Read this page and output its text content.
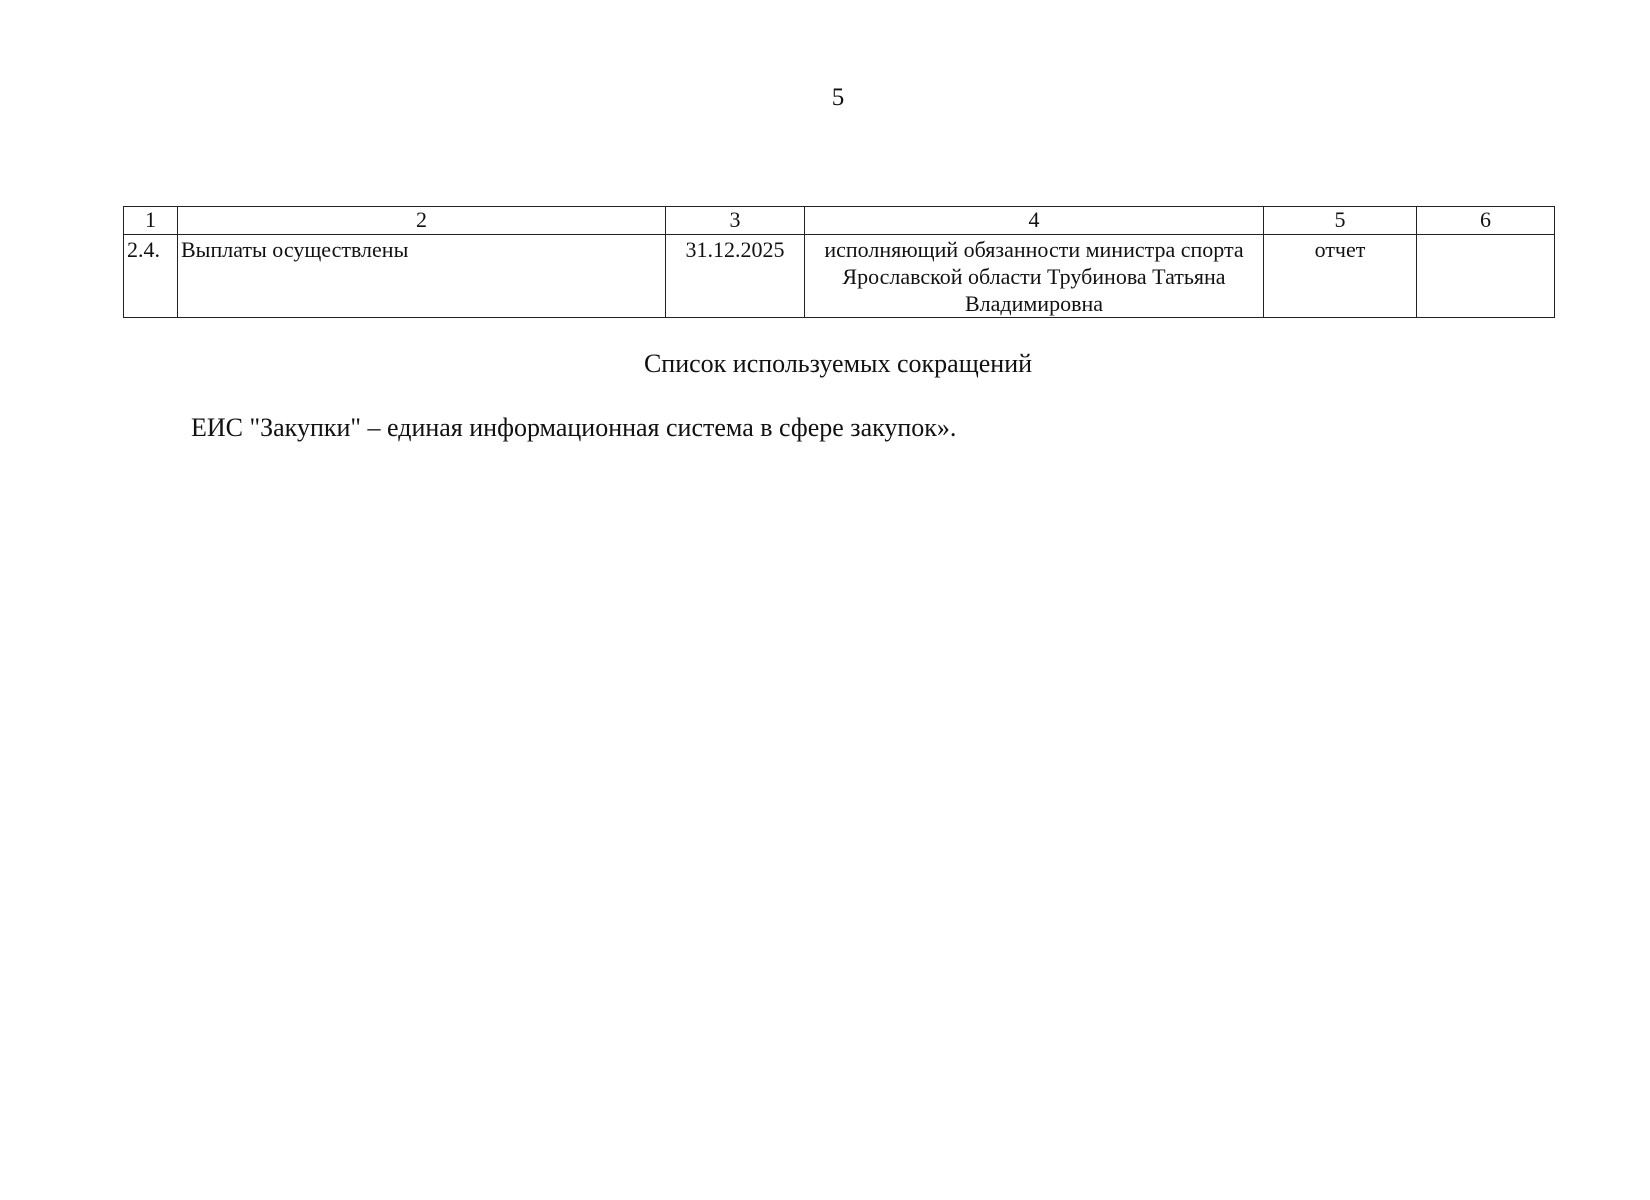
5
1	2	3	4	5	6
2.4.	Выплаты осуществлены	31.12.2025	исполняющий обязанности министра спорта Ярославской области Трубинова Татьяна Владимировна	отчет	
Список используемых сокращений
ЕИС "Закупки" – единая информационная система в сфере закупок».
